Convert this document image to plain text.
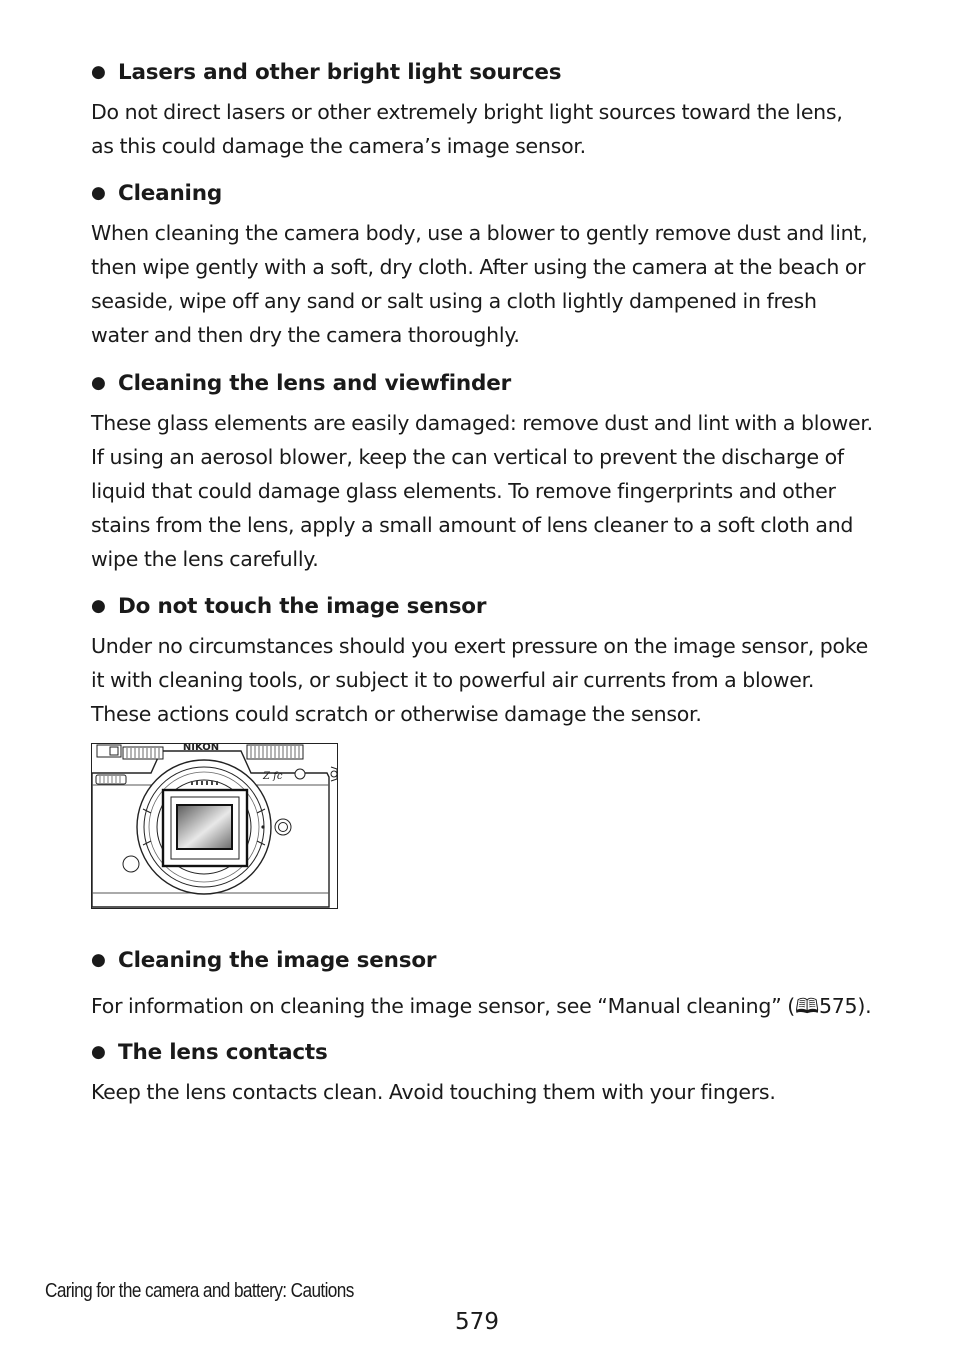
● Lasers and other bright light sources

Do not direct lasers or other extremely bright light sources toward the lens,
as this could damage the camera’s image sensor.

● Cleaning

When cleaning the camera body, use a blower to gently remove dust and lint,
then wipe gently with a soft, dry cloth. After using the camera at the beach or
seaside, wipe off any sand or salt using a cloth lightly dampened in fresh
water and then dry the camera thoroughly.

● Cleaning the lens and viewfinder

These glass elements are easily damaged: remove dust and lint with a blower.
If using an aerosol blower, keep the can vertical to prevent the discharge of
liquid that could damage glass elements. To remove fingerprints and other
stains from the lens, apply a small amount of lens cleaner to a soft cloth and
wipe the lens carefully.

● Do not touch the image sensor

Under no circumstances should you exert pressure on the image sensor, poke
it with cleaning tools, or subject it to powerful air currents from a blower.
These actions could scratch or otherwise damage the sensor.

NIKON
Z fc

● Cleaning the image sensor

For information on cleaning the image sensor, see “Manual cleaning” (🕮575).

● The lens contacts

Keep the lens contacts clean. Avoid touching them with your fingers.

Caring for the camera and battery: Cautions
579
